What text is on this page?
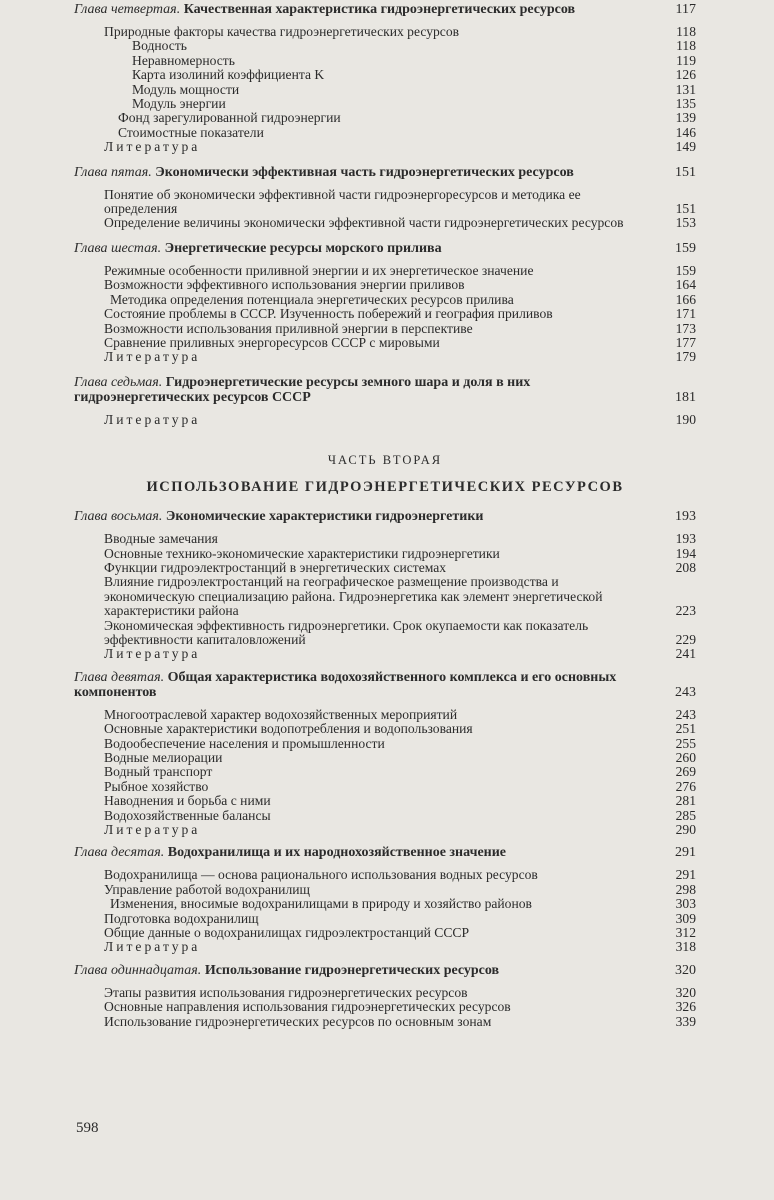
Глава четвертая. Качественная характеристика гидроэнергетических ресурсов	117
Природные факторы качества гидроэнергетических ресурсов	118
Водность	118
Неравномерность	119
Карта изолиний коэффициента K	126
Модуль мощности	131
Модуль энергии	135
Фонд зарегулированной гидроэнергии	139
Стоимостные показатели	146
Литература	149
Глава пятая. Экономически эффективная часть гидроэнергетических ресурсов	151
Понятие об экономически эффективной части гидроэнергоресурсов и методика ее определения	151
Определение величины экономически эффективной части гидроэнергетических ресурсов	153
Глава шестая. Энергетические ресурсы морского прилива	159
Режимные особенности приливной энергии и их энергетическое значение	159
Возможности эффективного использования энергии приливов	164
Методика определения потенциала энергетических ресурсов прилива	166
Состояние проблемы в СССР. Изученность побережий и география приливов	171
Возможности использования приливной энергии в перспективе	173
Сравнение приливных энергоресурсов СССР с мировыми	177
Литература	179
Глава седьмая. Гидроэнергетические ресурсы земного шара и доля в них гидроэнергетических ресурсов СССР	181
Литература	190
ЧАСТЬ ВТОРАЯ
ИСПОЛЬЗОВАНИЕ ГИДРОЭНЕРГЕТИЧЕСКИХ РЕСУРСОВ
Глава восьмая. Экономические характеристики гидроэнергетики	193
Вводные замечания	193
Основные технико-экономические характеристики гидроэнергетики	194
Функции гидроэлектростанций в энергетических системах	208
Влияние гидроэлектростанций на географическое размещение производства и экономическую специализацию района. Гидроэнергетика как элемент энергетической характеристики района	223
Экономическая эффективность гидроэнергетики. Срок окупаемости как показатель эффективности капиталовложений	229
Литература	241
Глава девятая. Общая характеристика водохозяйственного комплекса и его основных компонентов	243
Многоотраслевой характер водохозяйственных мероприятий	243
Основные характеристики водопотребления и водопользования	251
Водообеспечение населения и промышленности	255
Водные мелиорации	260
Водный транспорт	269
Рыбное хозяйство	276
Наводнения и борьба с ними	281
Водохозяйственные балансы	285
Литература	290
Глава десятая. Водохранилища и их народнохозяйственное значение	291
Водохранилища — основа рационального использования водных ресурсов	291
Управление работой водохранилищ	298
Изменения, вносимые водохранилищами в природу и хозяйство районов	303
Подготовка водохранилищ	309
Общие данные о водохранилищах гидроэлектростанций СССР	312
Литература	318
Глава одиннадцатая. Использование гидроэнергетических ресурсов	320
Этапы развития использования гидроэнергетических ресурсов	320
Основные направления использования гидроэнергетических ресурсов	326
Использование гидроэнергетических ресурсов по основным зонам	339
598
